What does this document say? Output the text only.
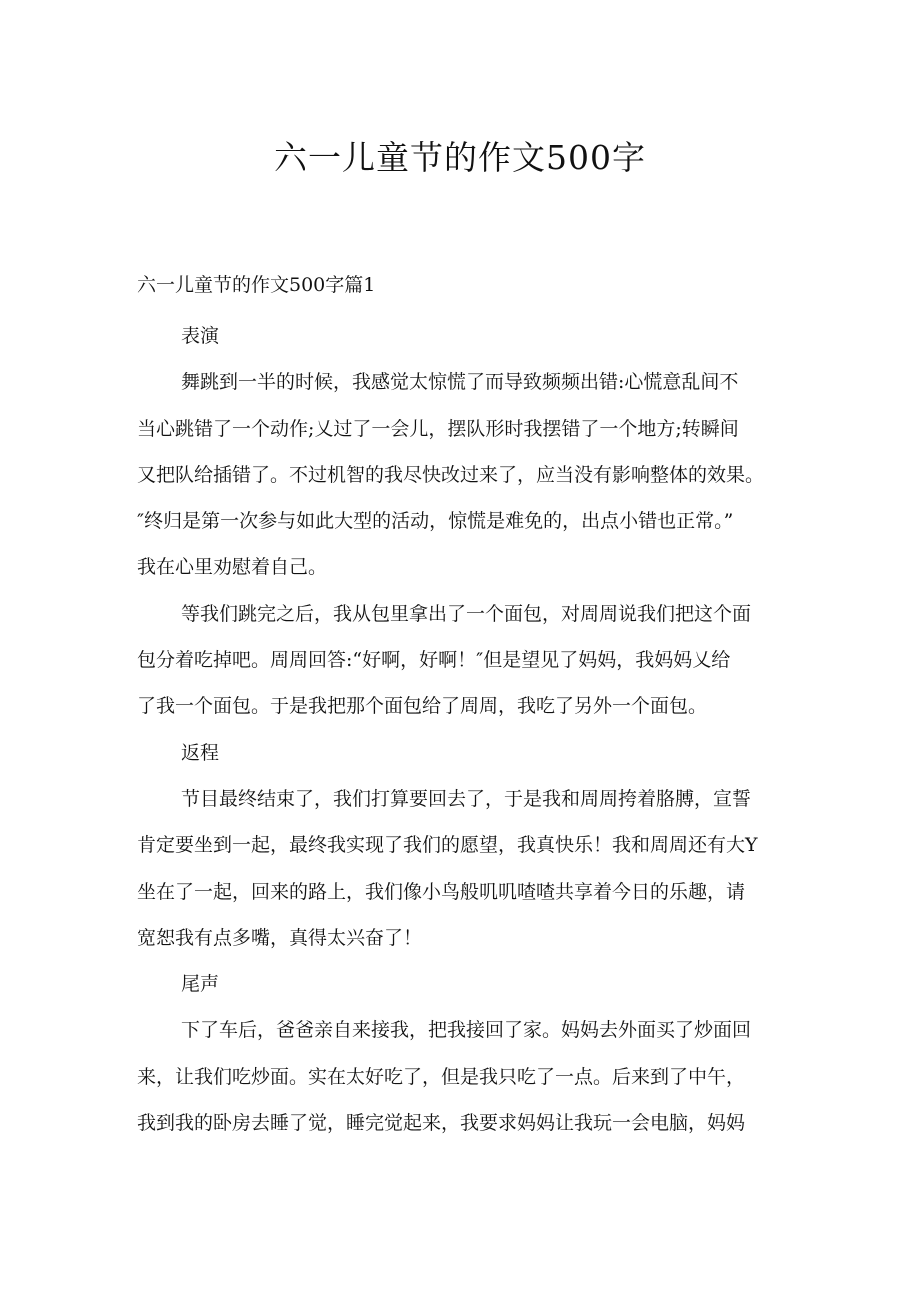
六一儿童节的作文500字
六一儿童节的作文500字篇1
表演
舞跳到一半的时候，我感觉太惊慌了而导致频频出错:心慌意乱间不
当心跳错了一个动作;乂过了一会儿，摆队形时我摆错了一个地方;转瞬间
又把队给插错了。不过机智的我尽快改过来了，应当没有影响整体的效果。
″终归是第一次参与如此大型的活动，惊慌是难免的，出点小错也正常。”
我在心里劝慰着自己。
等我们跳完之后，我从包里拿出了一个面包，对周周说我们把这个面
包分着吃掉吧。周周回答:“好啊，好啊！″但是望见了妈妈，我妈妈乂给
了我一个面包。于是我把那个面包给了周周，我吃了另外一个面包。
返程
节目最终结束了，我们打算要回去了，于是我和周周挎着胳膊，宣誓
肯定要坐到一起，最终我实现了我们的愿望，我真快乐！我和周周还有大Y
坐在了一起，回来的路上，我们像小鸟般叽叽喳喳共享着今日的乐趣，请
宽恕我有点多嘴，真得太兴奋了！
尾声
下了车后，爸爸亲自来接我，把我接回了家。妈妈去外面买了炒面回
来，让我们吃炒面。实在太好吃了，但是我只吃了一点。后来到了中午，
我到我的卧房去睡了觉，睡完觉起来，我要求妈妈让我玩一会电脑，妈妈
